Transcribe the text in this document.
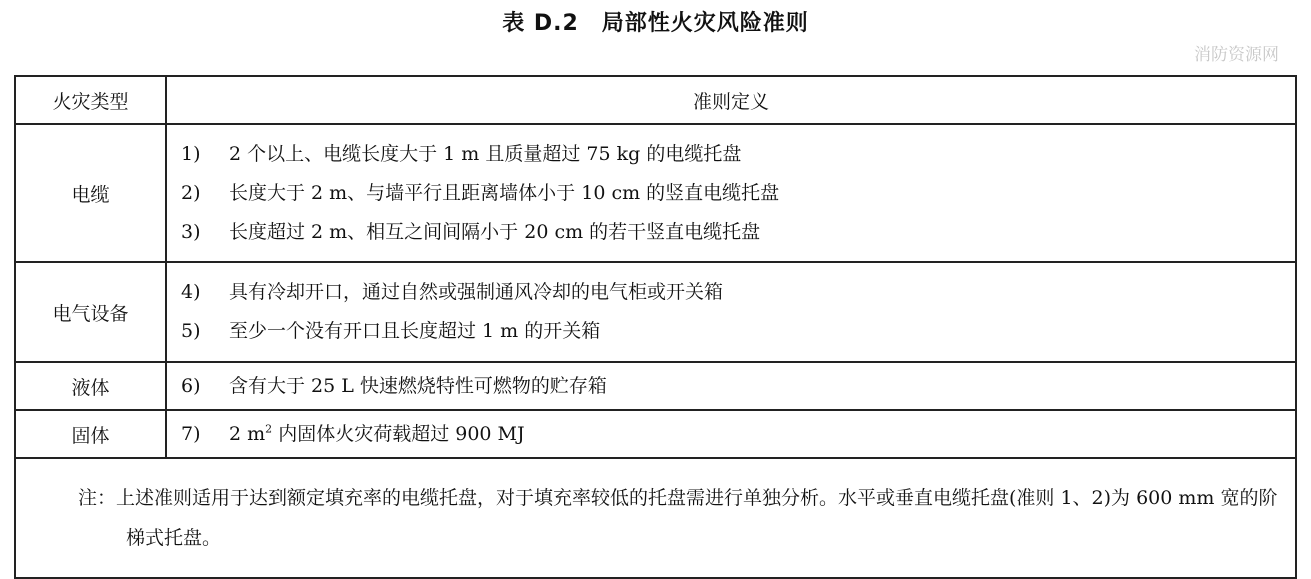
表 D.2　局部性火灾风险准则
消防资源网
火灾类型	准则定义
电缆	1) 2 个以上、电缆长度大于 1 m 且质量超过 75 kg 的电缆托盘
2) 长度大于 2 m、与墙平行且距离墙体小于 10 cm 的竖直电缆托盘
3) 长度超过 2 m、相互之间间隔小于 20 cm 的若干竖直电缆托盘

电气设备	4) 具有冷却开口，通过自然或强制通风冷却的电气柜或开关箱
5) 至少一个没有开口且长度超过 1 m 的开关箱

液体	6) 含有大于 25 L 快速燃烧特性可燃物的贮存箱

固体	7) 2 $m^2$ 内固体火灾荷载超过 900 MJ

注：上述准则适用于达到额定填充率的电缆托盘，对于填充率较低的托盘需进行单独分析。水平或垂直电缆托盘(准则 1、2)为 600 mm 宽的阶梯式托盘。	
